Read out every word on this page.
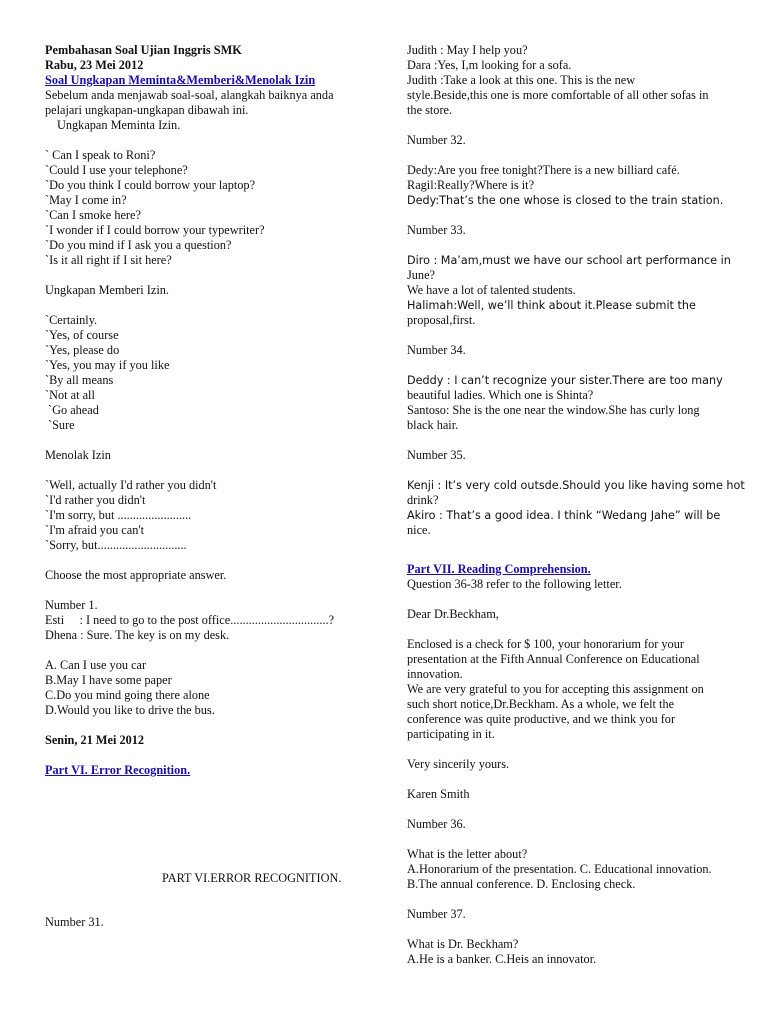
Pembahasan Soal Ujian Inggris SMK
Rabu, 23 Mei 2012
Soal Ungkapan Meminta&Memberi&Menolak Izin
Sebelum anda menjawab soal-soal, alangkah baiknya anda
pelajari ungkapan-ungkapan dibawah ini.
Ungkapan Meminta Izin.
` Can I speak to Roni?
`Could I use your telephone?
`Do you think I could borrow your laptop?
`May I come in?
`Can I smoke here?
`I wonder if I could borrow your typewriter?
`Do you mind if I ask you a question?
`Is it all right if I sit here?
Ungkapan Memberi Izin.
`Certainly.
`Yes, of course
`Yes, please do
`Yes, you may if you like
`By all means
`Not at all
`Go ahead
`Sure
Menolak Izin
`Well, actually I'd rather you didn't
`I'd rather you didn't
`I'm sorry, but ........................
`I'm afraid you can't
`Sorry, but.............................
Choose the most appropriate answer.
Number 1.
Esti     : I need to go to the post office................................?
Dhena : Sure. The key is on my desk.
A. Can I use you car
B.May I have some paper
C.Do you mind going there alone
D.Would you like to drive the bus.
Senin, 21 Mei 2012
Part VI. Error Recognition.
PART VI.ERROR RECOGNITION.
Number 31.
Judith : May I help you?
Dara :Yes, I,m looking for a sofa.
Judith :Take a look at this one. This is the new
style.Beside,this one is more comfortable of all other sofas in
the store.
Number 32.
Dedy:Are you free tonight?There is a new billiard café.
Ragil:Really?Where is it?
Dedy:That’s the one whose is closed to the train station.
Number 33.
Diro : Ma’am,must we have our school art performance in
June?
We have a lot of talented students.
Halimah:Well, we’ll think about it.Please submit the
proposal,first.
Number 34.
Deddy : I can’t recognize your sister.There are too many
beautiful ladies. Which one is Shinta?
Santoso: She is the one near the window.She has curly long
black hair.
Number 35.
Kenji : It’s very cold outsde.Should you like having some hot
drink?
Akiro : That’s a good idea. I think “Wedang Jahe” will be
nice.
Part VII. Reading Comprehension.
Question 36-38 refer to the following letter.
Dear Dr.Beckham,
Enclosed is a check for $ 100, your honorarium for your
presentation at the Fifth Annual Conference on Educational
innovation.
We are very grateful to you for accepting this assignment on
such short notice,Dr.Beckham. As a whole, we felt the
conference was quite productive, and we think you for
participating in it.
Very sincerily yours.
Karen Smith
Number 36.
What is the letter about?
A.Honorarium of the presentation. C. Educational innovation.
B.The annual conference. D. Enclosing check.
Number 37.
What is Dr. Beckham?
A.He is a banker. C.Heis an innovator.
